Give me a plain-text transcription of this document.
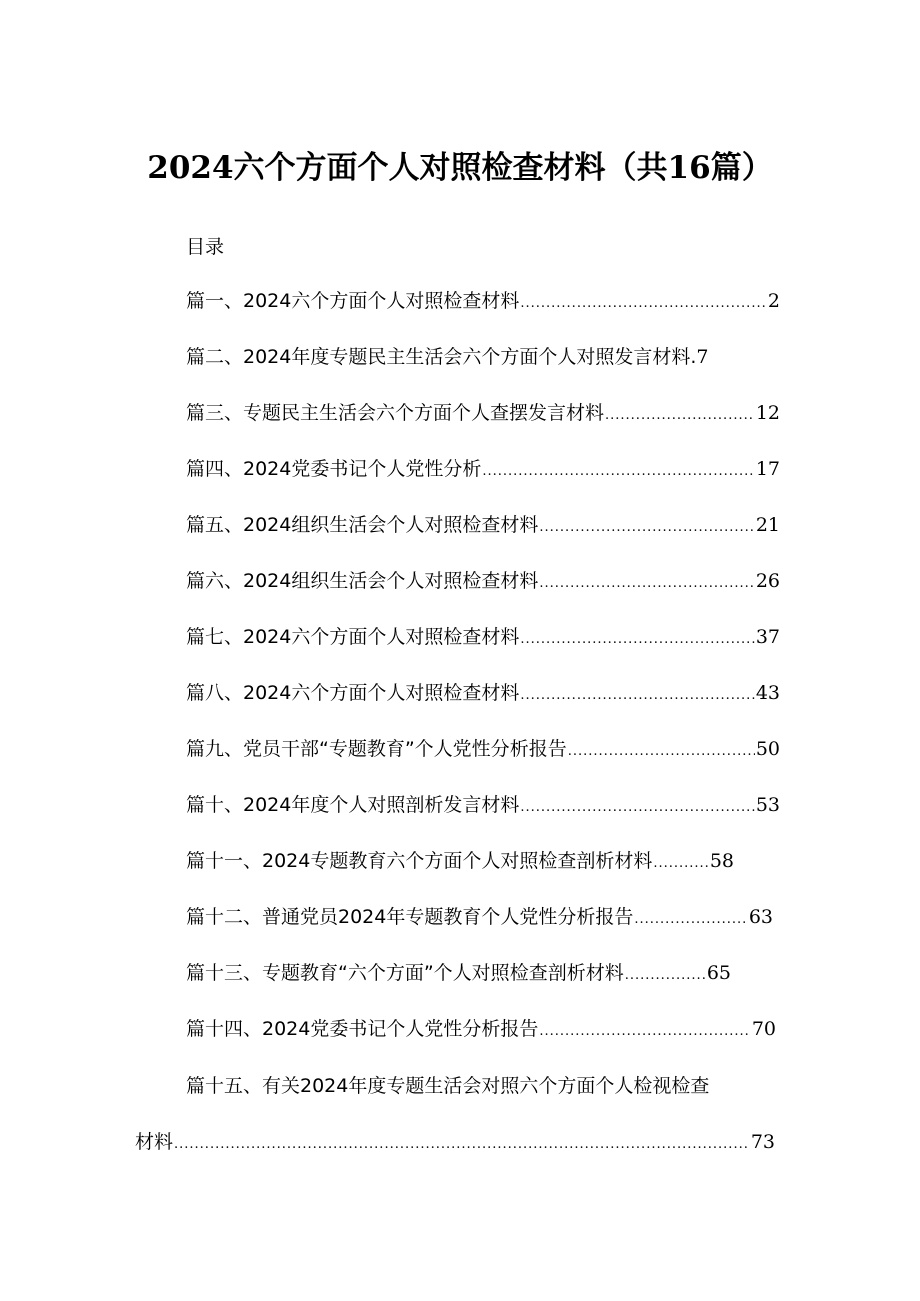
2024六个方面个人对照检查材料（共16篇）
目录
篇一、2024六个方面个人对照检查材料 .....	2
篇二、2024年度专题民主生活会六个方面个人对照发言材料. 7
篇三、专题民主生活会六个方面个人查摆发言材料 .....	12
篇四、2024党委书记个人党性分析 .....	17
篇五、2024组织生活会个人对照检查材料 .....	21
篇六、2024组织生活会个人对照检查材料 .....	26
篇七、2024六个方面个人对照检查材料 .....	37
篇八、2024六个方面个人对照检查材料 .....	43
篇九、党员干部“专题教育”个人党性分析报告 .....	50
篇十、2024年度个人对照剖析发言材料 .....	53
篇十一、2024专题教育六个方面个人对照检查剖析材料 .....	58
篇十二、普通党员2024年专题教育个人党性分析报告 .....	63
篇十三、专题教育“六个方面”个人对照检查剖析材料 .....	65
篇十四、2024党委书记个人党性分析报告 .....	70
篇十五、有关2024年度专题生活会对照六个方面个人检视检查
材料 .....	73
